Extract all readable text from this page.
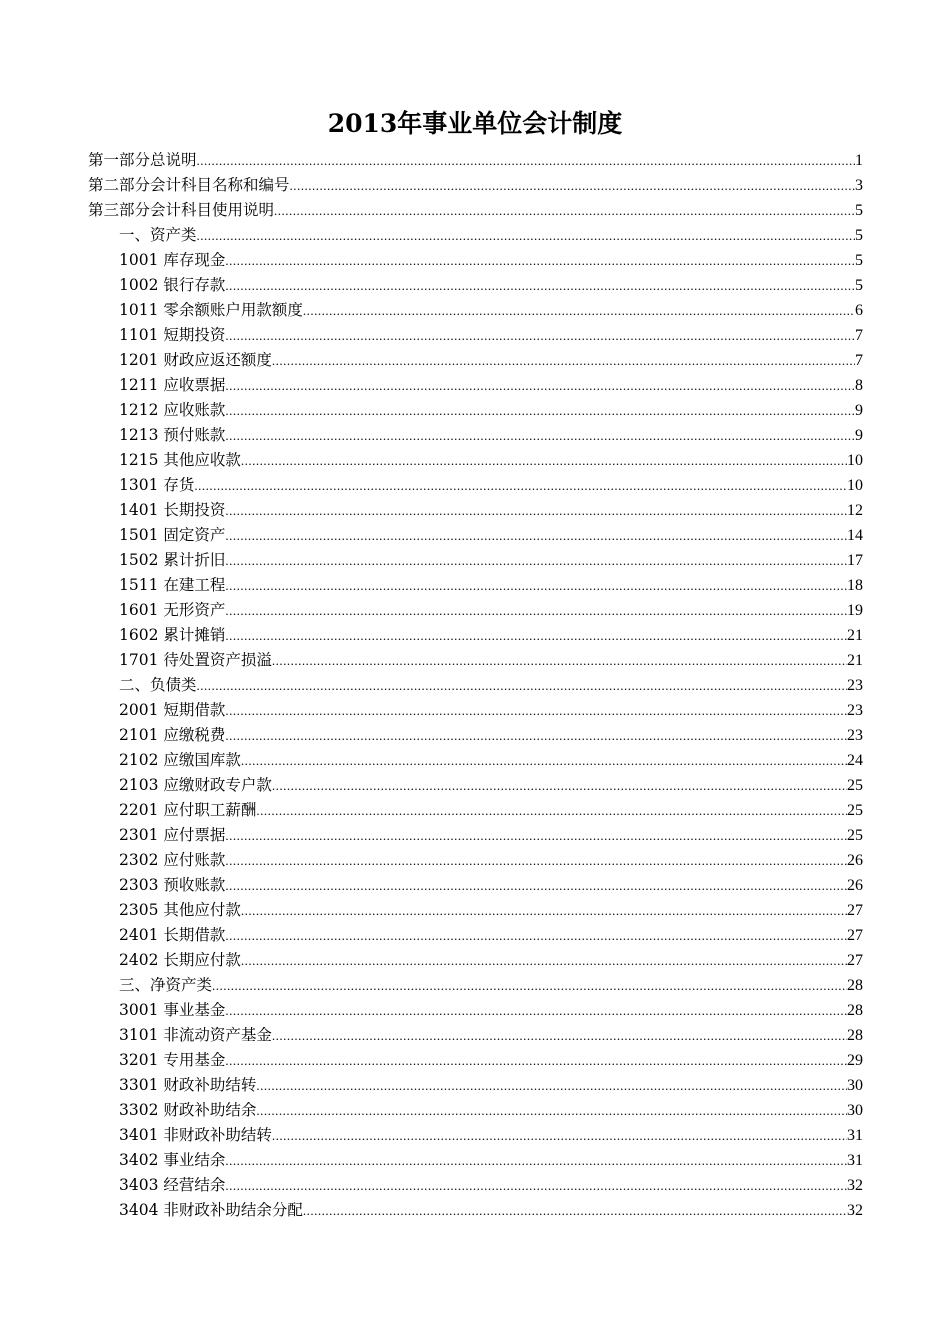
2013年事业单位会计制度
第一部分总说明 .....	1
第二部分会计科目名称和编号 .....	3
第三部分会计科目使用说明 .....	5
一、资产类 .....	5
1001 库存现金 .....	5
1002 银行存款 .....	5
1011 零余额账户用款额度 .....	6
1101 短期投资 .....	7
1201 财政应返还额度 .....	7
1211 应收票据 .....	8
1212 应收账款 .....	9
1213 预付账款 .....	9
1215 其他应收款 .....	10
1301 存货 .....	10
1401 长期投资 .....	12
1501 固定资产 .....	14
1502 累计折旧 .....	17
1511 在建工程 .....	18
1601 无形资产 .....	19
1602 累计摊销 .....	21
1701 待处置资产损溢 .....	21
二、负债类 .....	23
2001 短期借款 .....	23
2101 应缴税费 .....	23
2102 应缴国库款 .....	24
2103 应缴财政专户款 .....	25
2201 应付职工薪酬 .....	25
2301 应付票据 .....	25
2302 应付账款 .....	26
2303 预收账款 .....	26
2305 其他应付款 .....	27
2401 长期借款 .....	27
2402 长期应付款 .....	27
三、净资产类 .....	28
3001 事业基金 .....	28
3101 非流动资产基金 .....	28
3201 专用基金 .....	29
3301 财政补助结转 .....	30
3302 财政补助结余 .....	30
3401 非财政补助结转 .....	31
3402 事业结余 .....	31
3403 经营结余 .....	32
3404 非财政补助结余分配 .....	32
